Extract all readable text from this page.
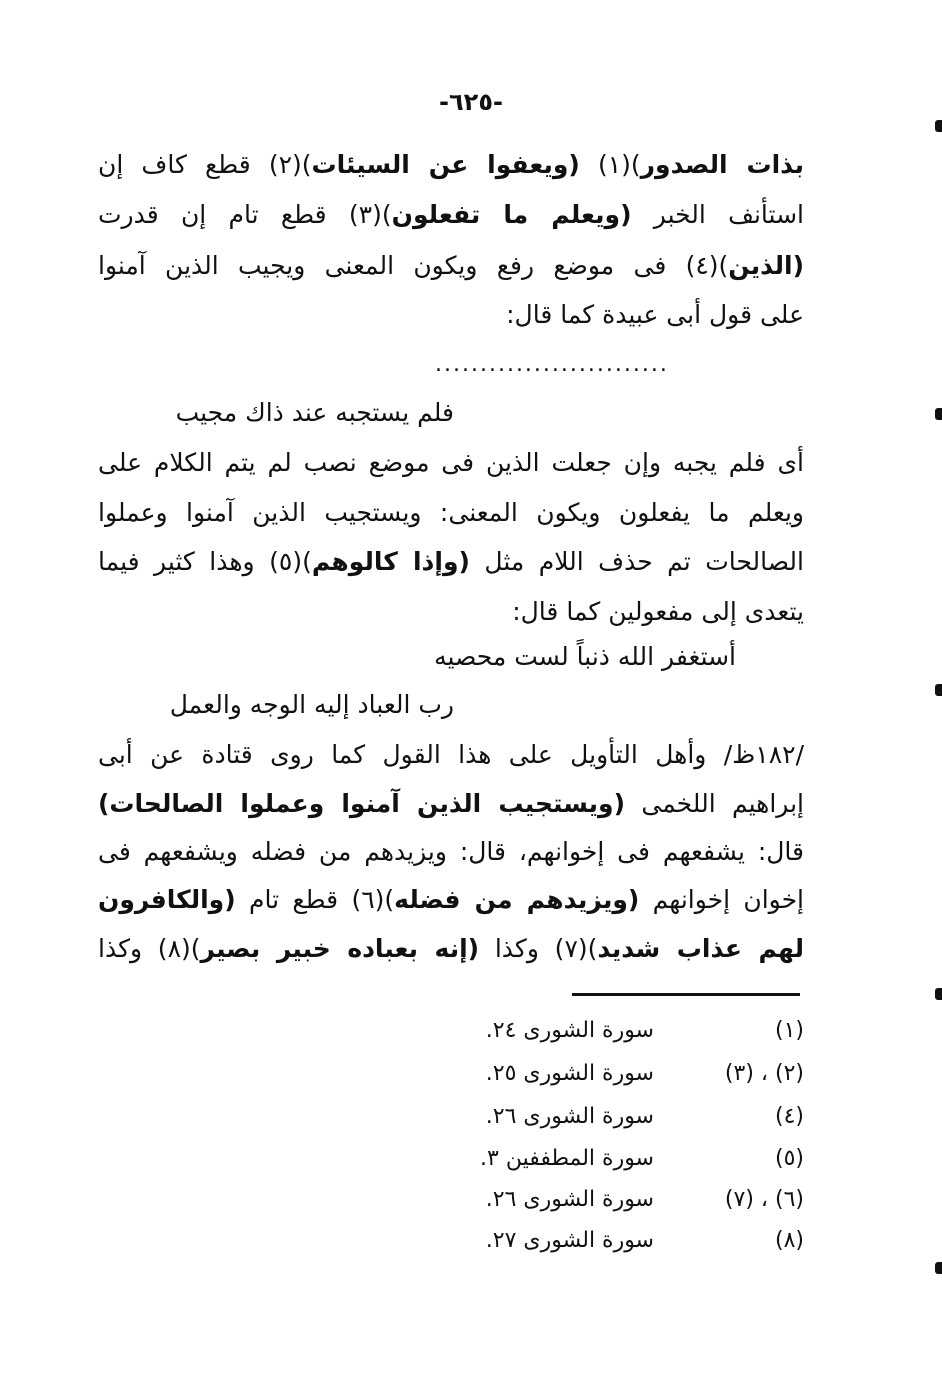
-٦٢٥-
بذات الصدور)(١) (ويعفوا عن السيئات)(٢) قطع كاف إن
استأنف الخبر (ويعلم ما تفعلون)(٣) قطع تام إن قدرت
(الذين)(٤) فى موضع رفع ويكون المعنى ويجيب الذين آمنوا
على قول أبى عبيدة كما قال:
..........................
فلم يستجبه عند ذاك مجيب
أى فلم يجبه وإن جعلت الذين فى موضع نصب لم يتم الكلام على
ويعلم ما يفعلون ويكون المعنى: ويستجيب الذين آمنوا وعملوا
الصالحات تم حذف اللام مثل (وإذا كالوهم)(٥) وهذا كثير فيما
يتعدى إلى مفعولين كما قال:
أستغفر الله ذنباً لست محصيه
رب العباد إليه الوجه والعمل
/١٨٢ظ/ وأهل التأويل على هذا القول كما روى قتادة عن أبى
إبراهيم اللخمى (ويستجيب الذين آمنوا وعملوا الصالحات)
قال: يشفعهم فى إخوانهم، قال: ويزيدهم من فضله ويشفعهم فى
إخوان إخوانهم (ويزيدهم من فضله)(٦) قطع تام (والكافرون
لهم عذاب شديد)(٧) وكذا (إنه بعباده خبير بصير)(٨) وكذا
(١)
سورة الشورى ٢٤.
(٢) ، (٣)
سورة الشورى ٢٥.
(٤)
سورة الشورى ٢٦.
(٥)
سورة المطففين ٣.
(٦) ، (٧)
سورة الشورى ٢٦.
(٨)
سورة الشورى ٢٧.
